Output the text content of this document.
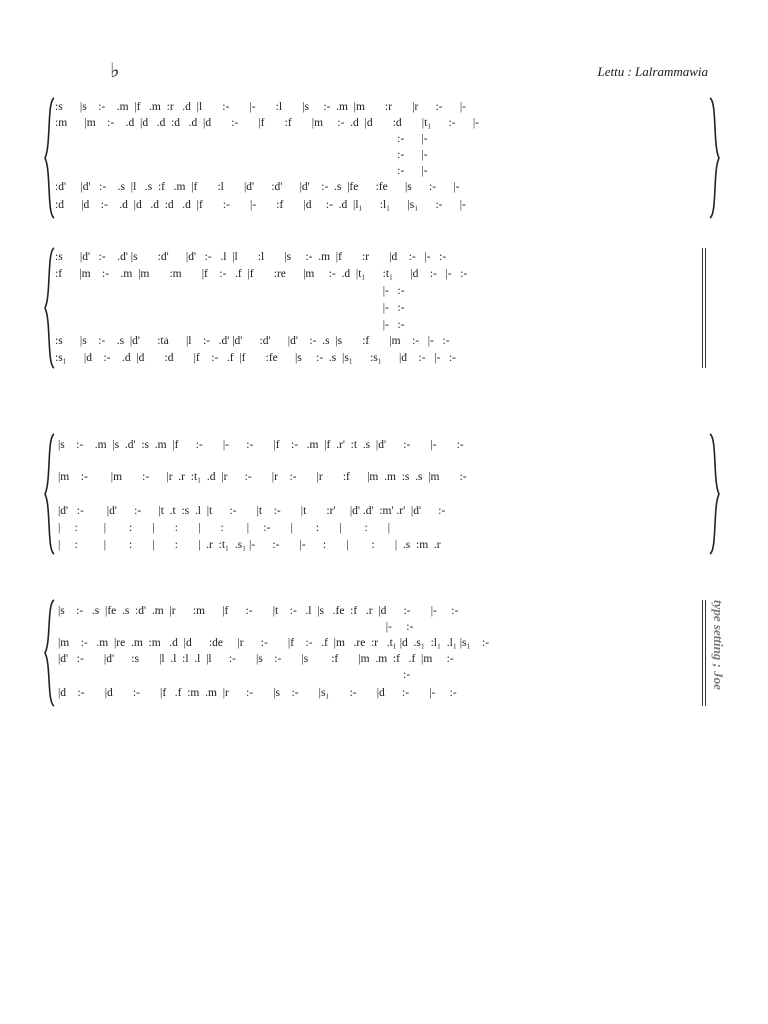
♭	Lettu : Lalrammawia
:s      |s    :-    .m  |f   .m  :r   .d  |l       :-       |-       :l       |s     :-  .m  |m       :r       |r      :-      |-
:m      |m    :-    .d  |d   .d  :d   .d  |d       :-       |f       :f       |m     :-  .d  |d       :d       |t₁      :-      |-
:-      |-
:-      |-
:-      |-
:d'     |d'   :-    .s  |l   .s  :f   .m  |f       :l       |d'      :d'      |d'    :-  .s  |fe      :fe      |s      :-      |-
:d      |d    :-    .d  |d   .d  :d   .d  |f       :-       |-       :f       |d     :-  .d  |l₁      :l₁      |s₁      :-      |-
:s      |d'   :-    .d' |s       :d'      |d'   :-   .l  |l       :l       |s     :-  .m  |f       :r       |d    :-   |-   :-
:f      |m    :-    .m  |m       :m       |f    :-   .f  |f       :re      |m     :-  .d  |t₁      :t₁      |d    :-   |-   :-
|-   :-
|-   :-
|-   :-
:s      |s    :-    .s  |d'      :ta      |l    :-   .d' |d'      :d'      |d'    :-  .s  |s       :f       |m    :-   |-   :-
:s₁      |d    :-    .d  |d       :d       |f    :-   .f  |f       :fe      |s     :-  .s  |s₁      :s₁      |d    :-   |-   :-
|s    :-    .m  |s  .d'  :s  .m  |f      :-       |-      :-       |f    :-   .m  |f  .r'  :t  .s  |d'      :-       |-       :-
|m    :-        |m       :-      |r  .r  :t₁  .d  |r      :-       |r    :-       |r       :f      |m  .m  :s  .s  |m       :-
|d'   :-        |d'      :-      |t  .t  :s  .l  |t      :-       |t    :-       |t       :r'     |d' .d'  :m' .r'  |d'      :-
|     :         |        :       |       :       |       :        |     :-       |        :       |        :       |
|     :         |        :       |       :       |  .r  :t₁  .s₁ |-      :-       |-      :       |        :       |  .s  :m  .r
|s    :-   .s  |fe  .s  :d'  .m  |r      :m      |f      :-       |t    :-   .l  |s   .fe  :f   .r  |d      :-       |-     :-
|-     :-
|m    :-   .m  |re  .m  :m   .d  |d      :de     |r      :-       |f    :-   .f  |m   .re  :r   .t₁ |d  .s₁  :l₁  .l₁ |s₁    :-
|d'   :-       |d'      :s       |l  .l  :l  .l  |l      :-       |s    :-       |s        :f       |m  .m  :f   .f  |m     :-
:-
|d    :-       |d       :-       |f   .f  :m  .m  |r      :-       |s    :-       |s₁       :-       |d      :-       |-     :-
type setting ; Joe
